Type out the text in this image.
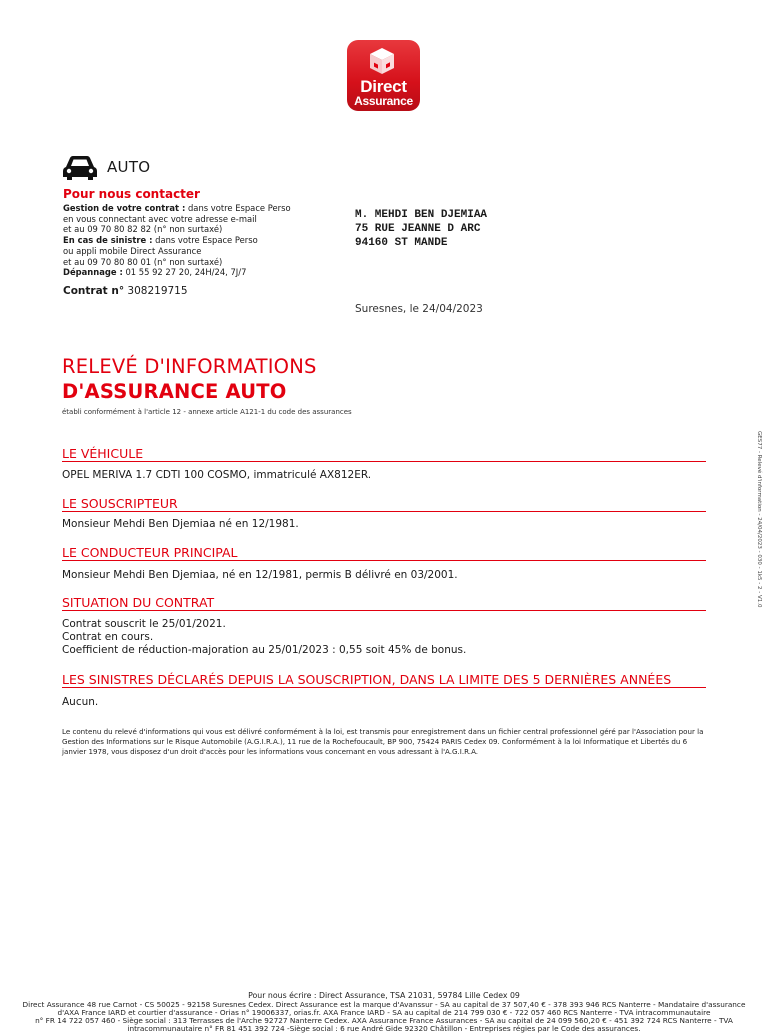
Direct
Assurance
AUTO
Pour nous contacter
Gestion de votre contrat : dans votre Espace Perso
en vous connectant avec votre adresse e-mail
et au 09 70 80 82 82 (n° non surtaxé)
En cas de sinistre : dans votre Espace Perso
ou appli mobile Direct Assurance
et au 09 70 80 80 01 (n° non surtaxé)
Dépannage : 01 55 92 27 20, 24H/24, 7J/7
Contrat n° 308219715
M. MEHDI BEN DJEMIAA
75 RUE JEANNE D ARC
94160 ST MANDE
Suresnes, le 24/04/2023
RELEVÉ D'INFORMATIONS
D'ASSURANCE AUTO
établi conformément à l'article 12 - annexe article A121-1 du code des assurances
LE VÉHICULE
OPEL MERIVA 1.7 CDTI 100 COSMO, immatriculé AX812ER.
LE SOUSCRIPTEUR
Monsieur Mehdi Ben Djemiaa né en 12/1981.
LE CONDUCTEUR PRINCIPAL
Monsieur Mehdi Ben Djemiaa, né en 12/1981, permis B délivré en 03/2001.
SITUATION DU CONTRAT
Contrat souscrit le 25/01/2021.
Contrat en cours.
Coefficient de réduction-majoration au 25/01/2023 : 0,55 soit 45% de bonus.
LES SINISTRES DÉCLARÉS DEPUIS LA SOUSCRIPTION, DANS LA LIMITE DES 5 DERNIÈRES ANNÉES
Aucun.
Le contenu du relevé d'informations qui vous est délivré conformément à la loi, est transmis pour enregistrement dans un fichier central professionnel géré par l'Association pour la Gestion des Informations sur le Risque Automobile (A.G.I.R.A.), 11 rue de la Rochefoucault, BP 900, 75424 PARIS Cedex 09. Conformément à la loi Informatique et Libertés du 6 janvier 1978, vous disposez d'un droit d'accès pour les informations vous concernant en vous adressant à l'A.G.I.R.A.
GES77 - Relevé d'information - 24/04/2023 - 030 - 1k5 - 2 - V1.0
Pour nous écrire : Direct Assurance, TSA 21031, 59784 Lille Cedex 09
Direct Assurance 48 rue Carnot - CS 50025 - 92158 Suresnes Cedex. Direct Assurance est la marque d'Avanssur - SA au capital de 37 507,40 € - 378 393 946 RCS Nanterre - Mandataire d'assurance
d'AXA France IARD et courtier d'assurance - Orias n° 19006337, orias.fr. AXA France IARD - SA au capital de 214 799 030 € - 722 057 460 RCS Nanterre - TVA intracommunautaire
n° FR 14 722 057 460 - Siège social : 313 Terrasses de l'Arche 92727 Nanterre Cedex. AXA Assurance France Assurances - SA au capital de 24 099 560,20 € - 451 392 724 RCS Nanterre - TVA
intracommunautaire n° FR 81 451 392 724 -Siège social : 6 rue André Gide 92320 Châtillon - Entreprises régies par le Code des assurances.
